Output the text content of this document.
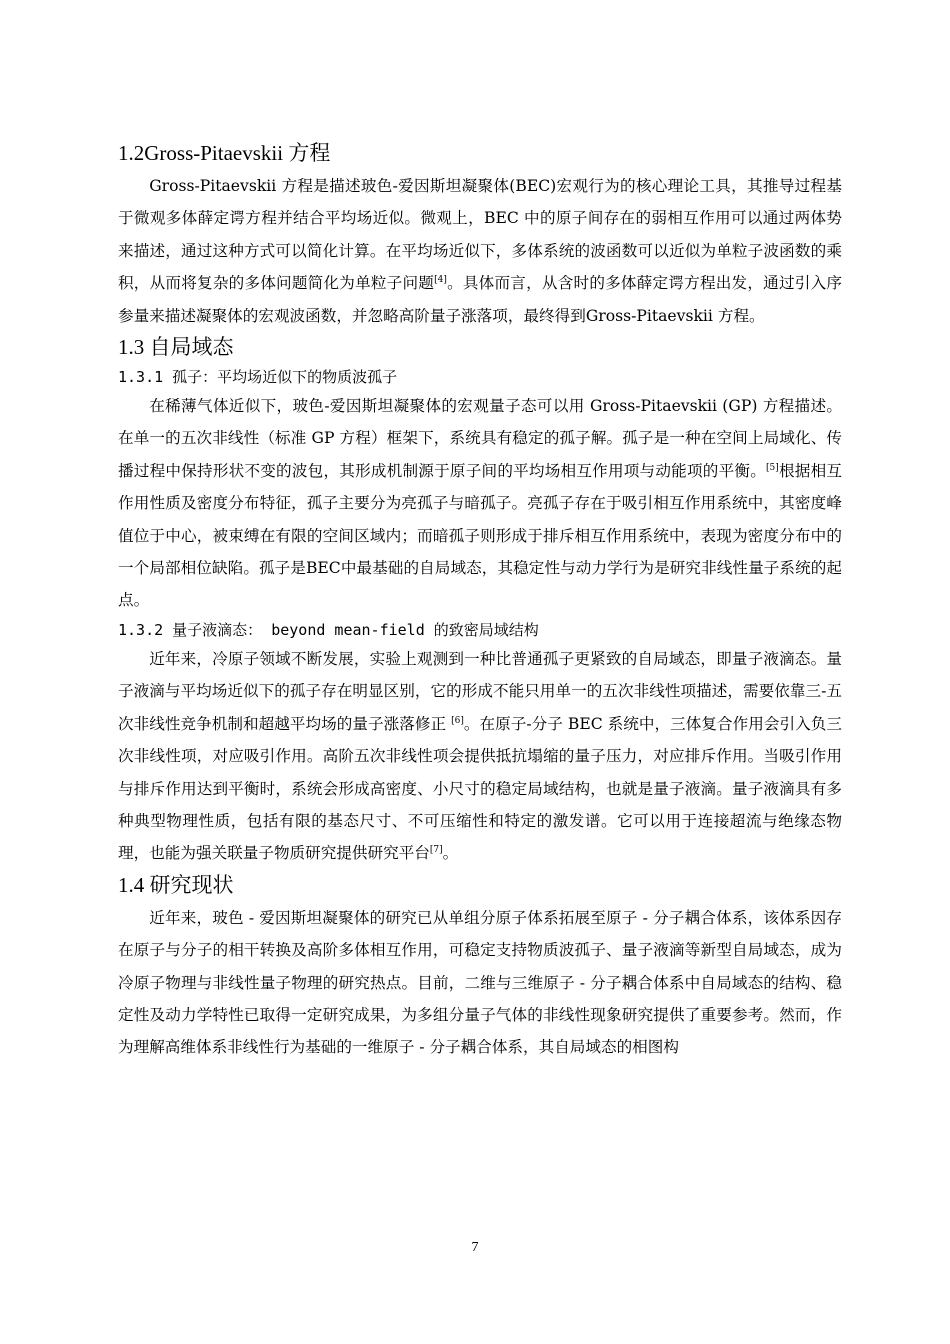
1.2Gross-Pitaevskii 方程

Gross-Pitaevskii 方程是描述玻色-爱因斯坦凝聚体(BEC)宏观行为的核心理论工具，其推导过程基于微观多体薛定谔方程并结合平均场近似。微观上，BEC 中的原子间存在的弱相互作用可以通过两体势来描述，通过这种方式可以简化计算。在平均场近似下，多体系统的波函数可以近似为单粒子波函数的乘积，从而将复杂的多体问题简化为单粒子问题[4]。具体而言，从含时的多体薛定谔方程出发，通过引入序参量来描述凝聚体的宏观波函数，并忽略高阶量子涨落项，最终得到Gross-Pitaevskii 方程。

1.3 自局域态
1.3.1 孤子：平均场近似下的物质波孤子

在稀薄气体近似下，玻色-爱因斯坦凝聚体的宏观量子态可以用 Gross-Pitaevskii (GP) 方程描述。在单一的五次非线性（标准 GP 方程）框架下，系统具有稳定的孤子解。孤子是一种在空间上局域化、传播过程中保持形状不变的波包，其形成机制源于原子间的平均场相互作用项与动能项的平衡。[5]根据相互作用性质及密度分布特征，孤子主要分为亮孤子与暗孤子。亮孤子存在于吸引相互作用系统中，其密度峰值位于中心，被束缚在有限的空间区域内；而暗孤子则形成于排斥相互作用系统中，表现为密度分布中的一个局部相位缺陷。孤子是BEC中最基础的自局域态，其稳定性与动力学行为是研究非线性量子系统的起点。

1.3.2 量子液滴态： beyond mean-field 的致密局域结构

近年来，冷原子领域不断发展，实验上观测到一种比普通孤子更紧致的自局域态，即量子液滴态。量子液滴与平均场近似下的孤子存在明显区别，它的形成不能只用单一的五次非线性项描述，需要依靠三-五次非线性竞争机制和超越平均场的量子涨落修正 [6]。在原子-分子 BEC 系统中，三体复合作用会引入负三次非线性项，对应吸引作用。高阶五次非线性项会提供抵抗塌缩的量子压力，对应排斥作用。当吸引作用与排斥作用达到平衡时，系统会形成高密度、小尺寸的稳定局域结构，也就是量子液滴。量子液滴具有多种典型物理性质，包括有限的基态尺寸、不可压缩性和特定的激发谱。它可以用于连接超流与绝缘态物理，也能为强关联量子物质研究提供研究平台[7]。

1.4 研究现状

近年来，玻色 - 爱因斯坦凝聚体的研究已从单组分原子体系拓展至原子 - 分子耦合体系，该体系因存在原子与分子的相干转换及高阶多体相互作用，可稳定支持物质波孤子、量子液滴等新型自局域态，成为冷原子物理与非线性量子物理的研究热点。目前，二维与三维原子 - 分子耦合体系中自局域态的结构、稳定性及动力学特性已取得一定研究成果，为多组分量子气体的非线性现象研究提供了重要参考。然而，作为理解高维体系非线性行为基础的一维原子 - 分子耦合体系，其自局域态的相图构

7
